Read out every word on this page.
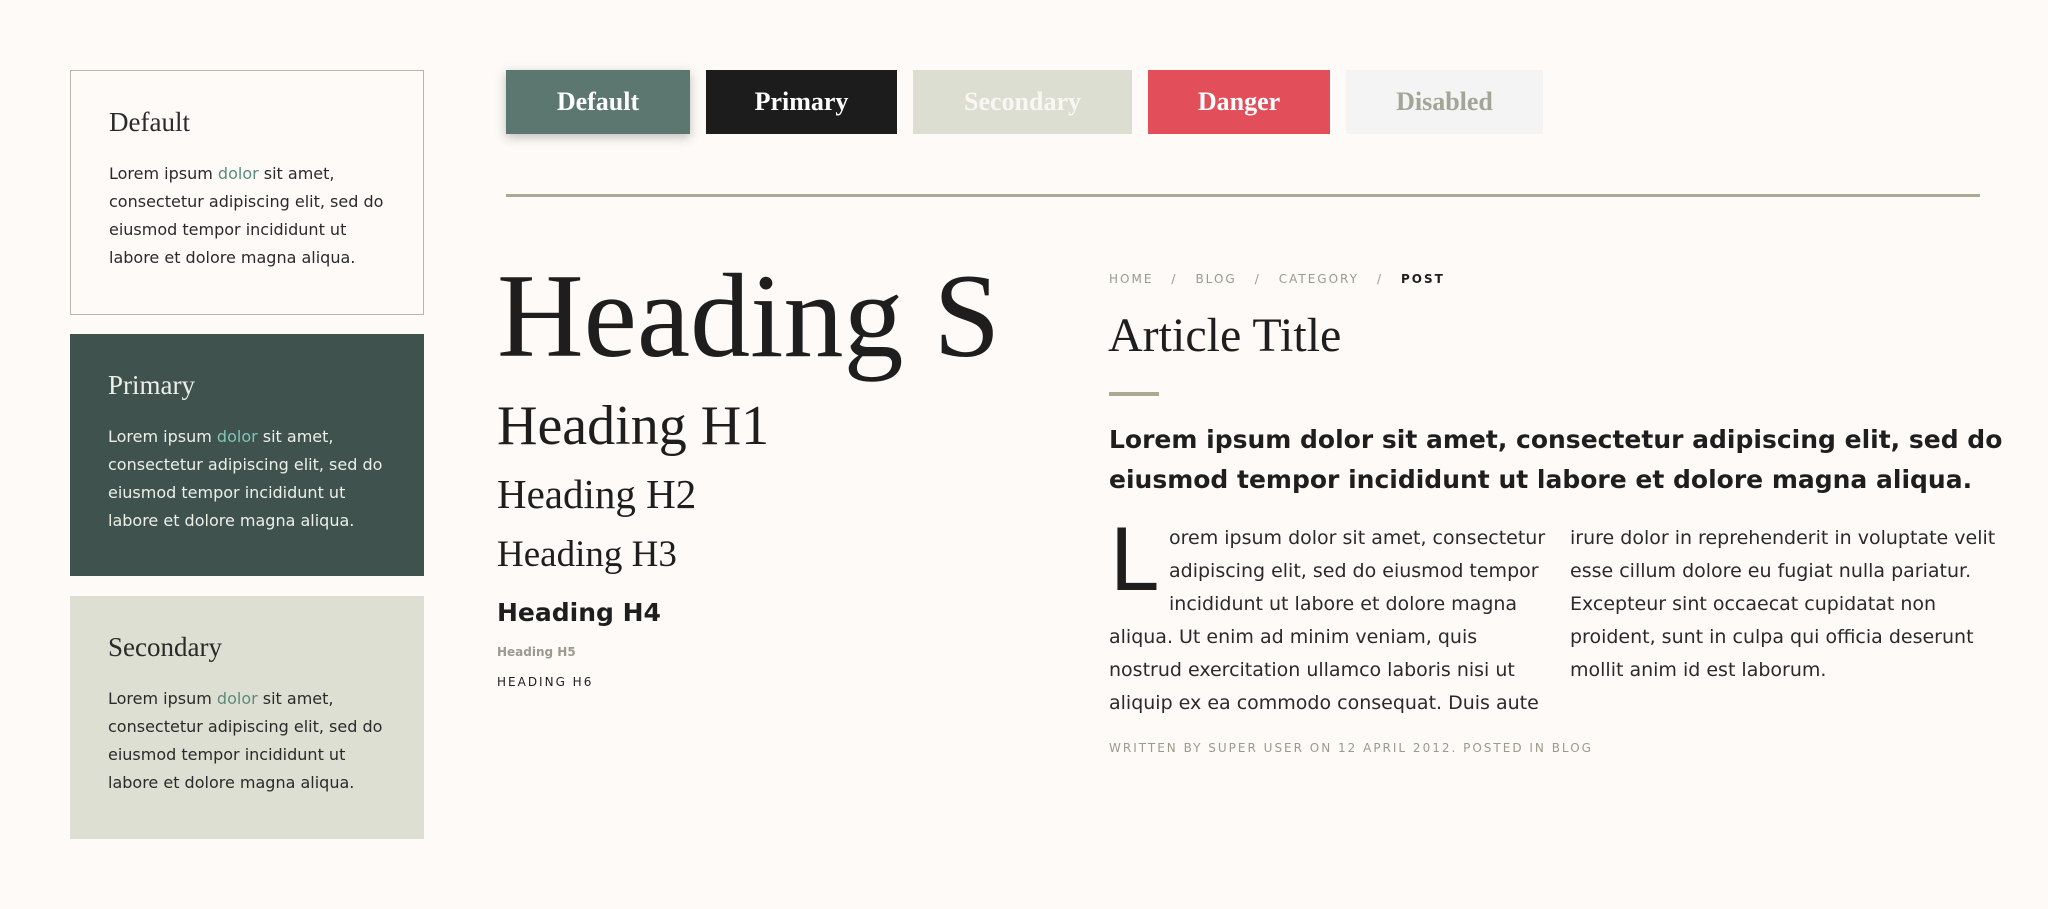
Default

Lorem ipsum dolor sit amet, consectetur adipiscing elit, sed do eiusmod tempor incididunt ut labore et dolore magna aliqua.

Primary

Lorem ipsum dolor sit amet, consectetur adipiscing elit, sed do eiusmod tempor incididunt ut labore et dolore magna aliqua.

Secondary

Lorem ipsum dolor sit amet, consectetur adipiscing elit, sed do eiusmod tempor incididunt ut labore et dolore magna aliqua.

Default	Primary	Secondary	Danger	Disabled
Heading S
Heading H1
Heading H2
Heading H3
Heading H4
Heading H5
HEADING H6
HOME / BLOG / CATEGORY / POST
Article Title

Lorem ipsum dolor sit amet, consectetur adipiscing elit, sed do
eiusmod tempor incididunt ut labore et dolore magna aliqua.

L orem ipsum dolor sit amet, consectetur
adipiscing elit, sed do eiusmod tempor
incididunt ut labore et dolore magna
aliqua. Ut enim ad minim veniam, quis
nostrud exercitation ullamco laboris nisi ut
aliquip ex ea commodo consequat. Duis aute
irure dolor in reprehenderit in voluptate velit
esse cillum dolore eu fugiat nulla pariatur.
Excepteur sint occaecat cupidatat non
proident, sunt in culpa qui officia deserunt
mollit anim id est laborum.

WRITTEN BY SUPER USER ON 12 APRIL 2012. POSTED IN BLOG
